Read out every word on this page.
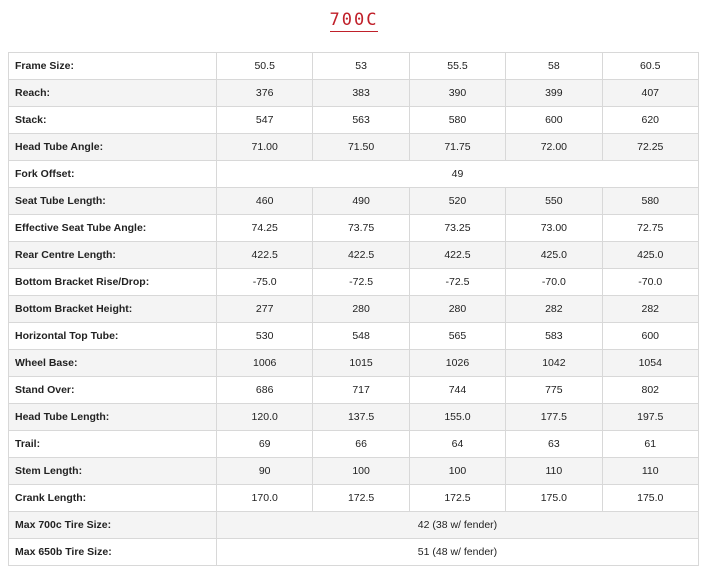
700C
Frame Size:	50.5	53	55.5	58	60.5
Reach:	376	383	390	399	407
Stack:	547	563	580	600	620
Head Tube Angle:	71.00	71.50	71.75	72.00	72.25
Fork Offset:	49				
Seat Tube Length:	460	490	520	550	580
Effective Seat Tube Angle:	74.25	73.75	73.25	73.00	72.75
Rear Centre Length:	422.5	422.5	422.5	425.0	425.0
Bottom Bracket Rise/Drop:	-75.0	-72.5	-72.5	-70.0	-70.0
Bottom Bracket Height:	277	280	280	282	282
Horizontal Top Tube:	530	548	565	583	600
Wheel Base:	1006	1015	1026	1042	1054
Stand Over:	686	717	744	775	802
Head Tube Length:	120.0	137.5	155.0	177.5	197.5
Trail:	69	66	64	63	61
Stem Length:	90	100	100	110	110
Crank Length:	170.0	172.5	172.5	175.0	175.0
Max 700c Tire Size:	42 (38 w/ fender)				
Max 650b Tire Size:	51 (48 w/ fender)				
